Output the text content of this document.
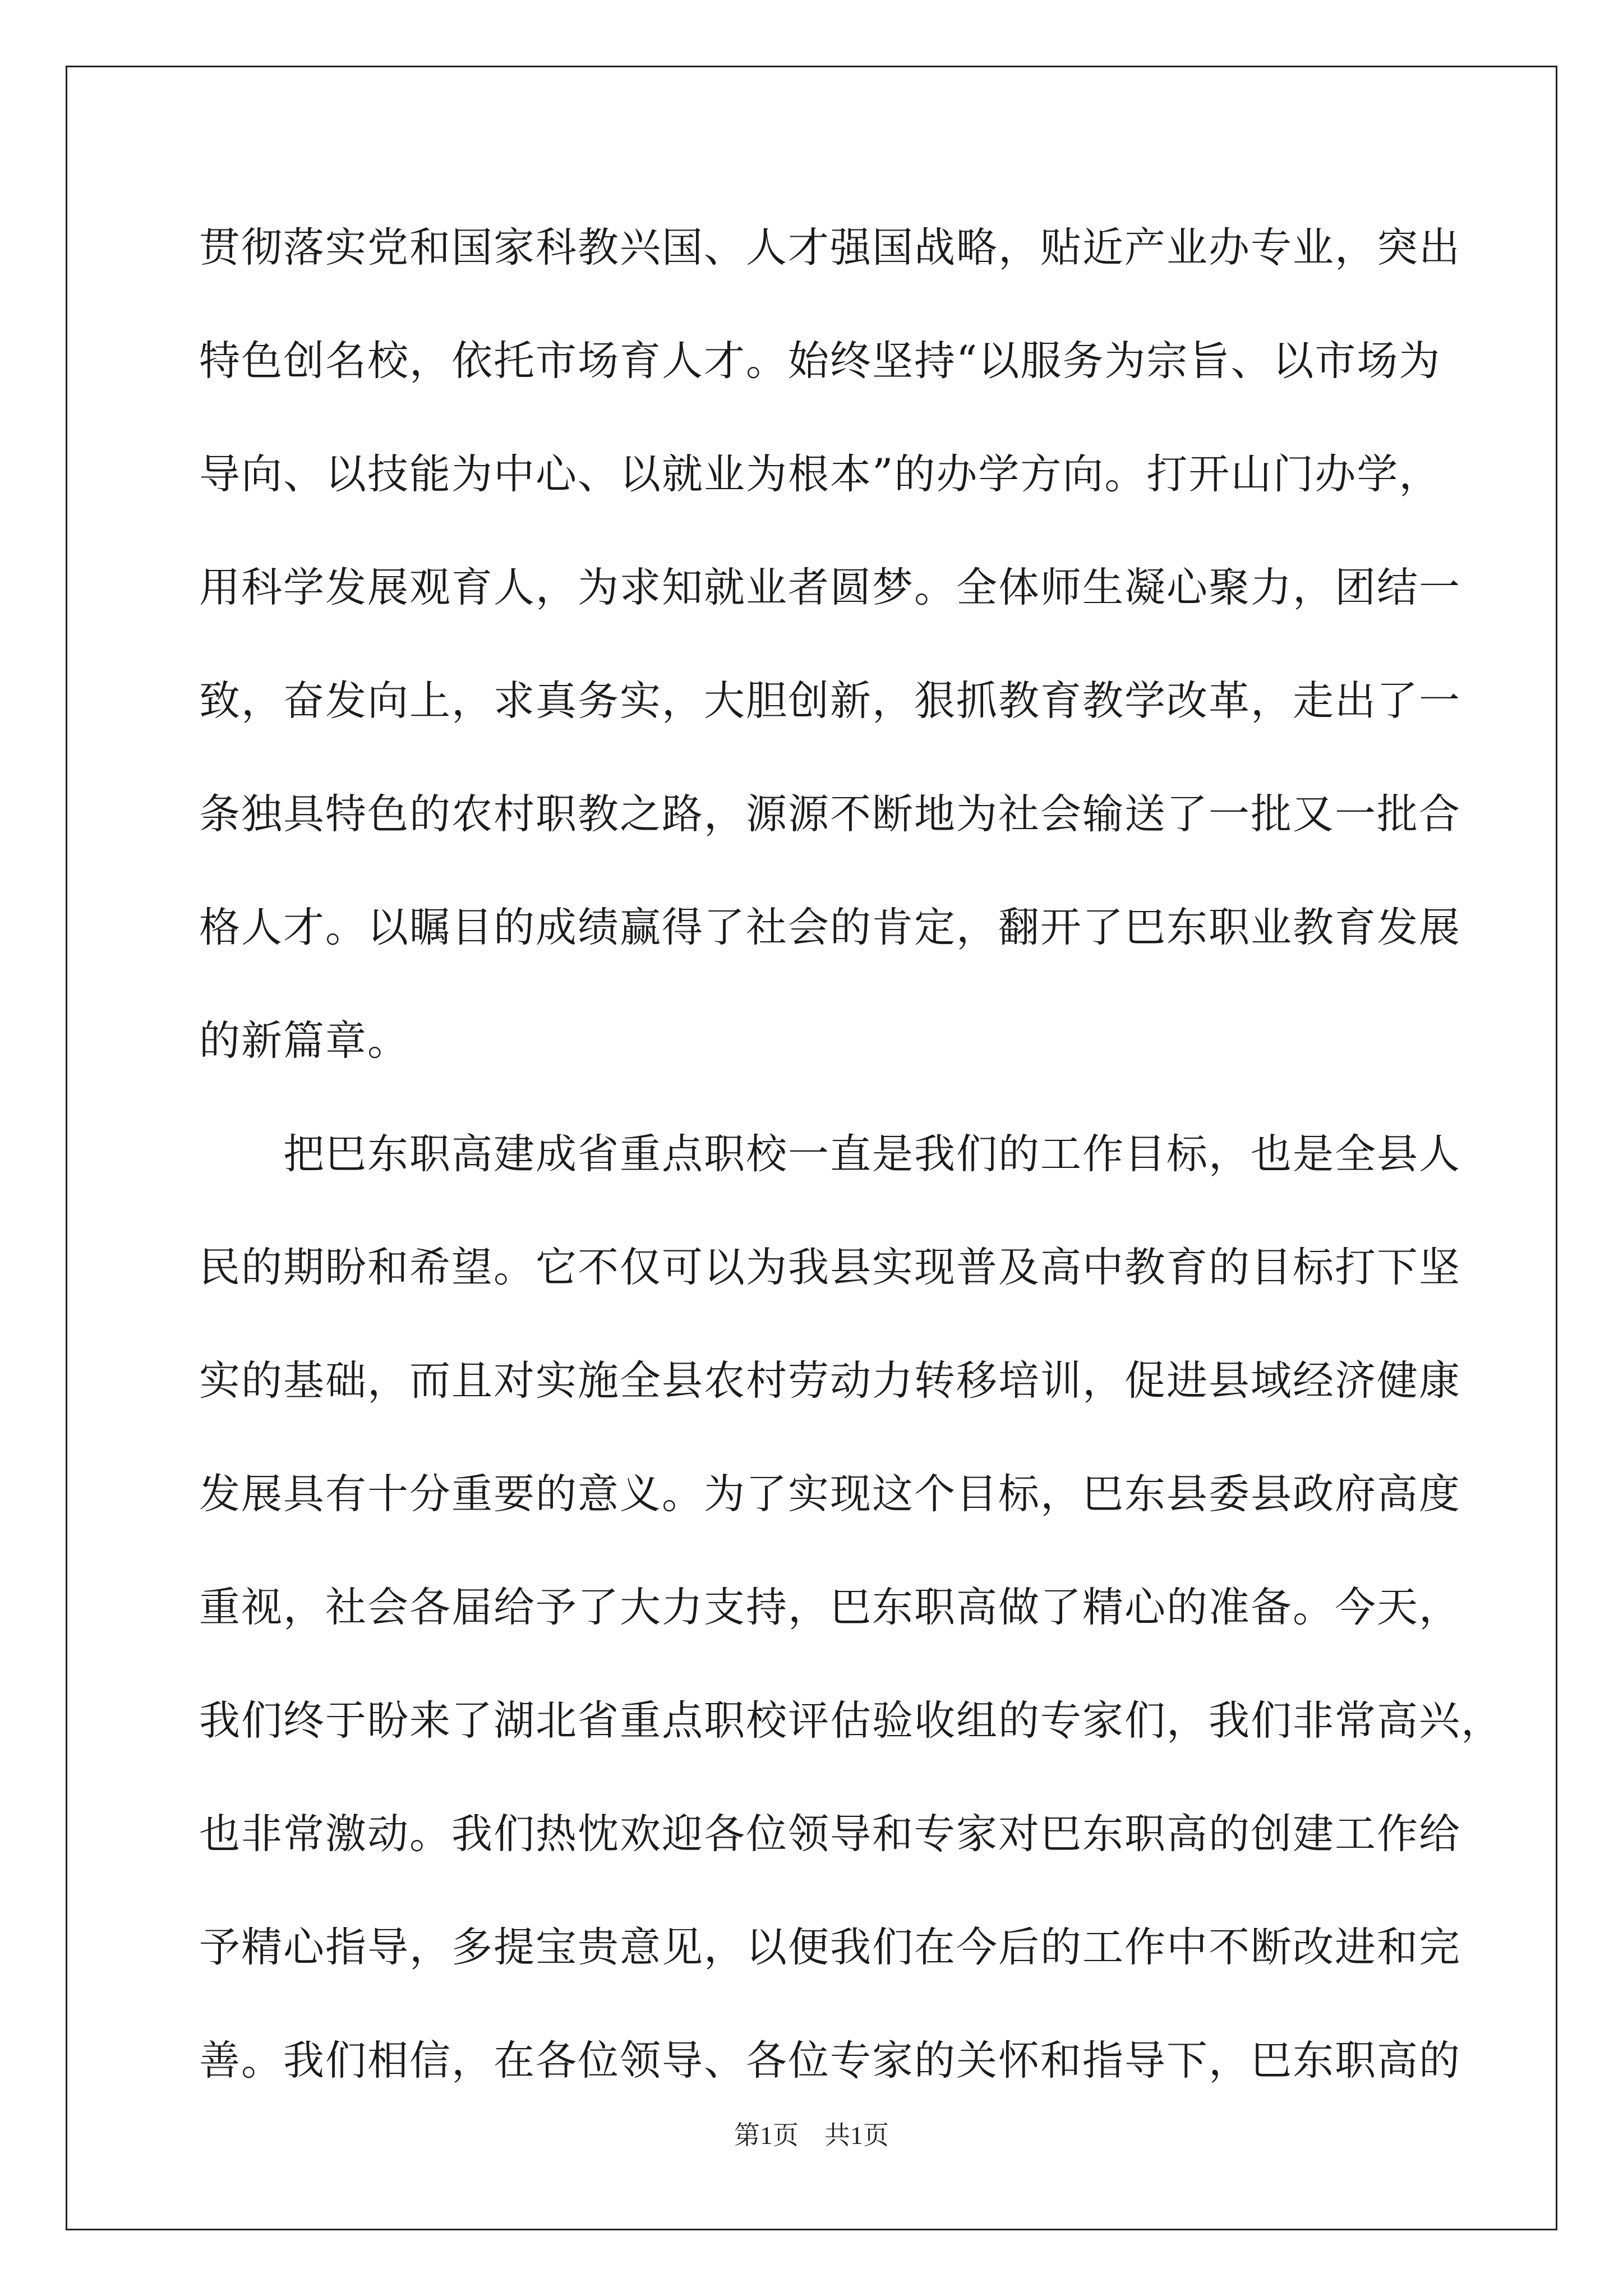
贯彻落实党和国家科教兴国、人才强国战略，贴近产业办专业，突出
特色创名校，依托市场育人才。始终坚持“以服务为宗旨、以市场为
导向、以技能为中心、以就业为根本”的办学方向。打开山门办学，
用科学发展观育人，为求知就业者圆梦。全体师生凝心聚力，团结一
致，奋发向上，求真务实，大胆创新，狠抓教育教学改革，走出了一
条独具特色的农村职教之路，源源不断地为社会输送了一批又一批合
格人才。以瞩目的成绩赢得了社会的肯定，翻开了巴东职业教育发展
的新篇章。
　　把巴东职高建成省重点职校一直是我们的工作目标，也是全县人
民的期盼和希望。它不仅可以为我县实现普及高中教育的目标打下坚
实的基础，而且对实施全县农村劳动力转移培训，促进县域经济健康
发展具有十分重要的意义。为了实现这个目标，巴东县委县政府高度
重视，社会各届给予了大力支持，巴东职高做了精心的准备。今天，
我们终于盼来了湖北省重点职校评估验收组的专家们，我们非常高兴，
也非常激动。我们热忱欢迎各位领导和专家对巴东职高的创建工作给
予精心指导，多提宝贵意见，以便我们在今后的工作中不断改进和完
善。我们相信，在各位领导、各位专家的关怀和指导下，巴东职高的
第1页　共1页
